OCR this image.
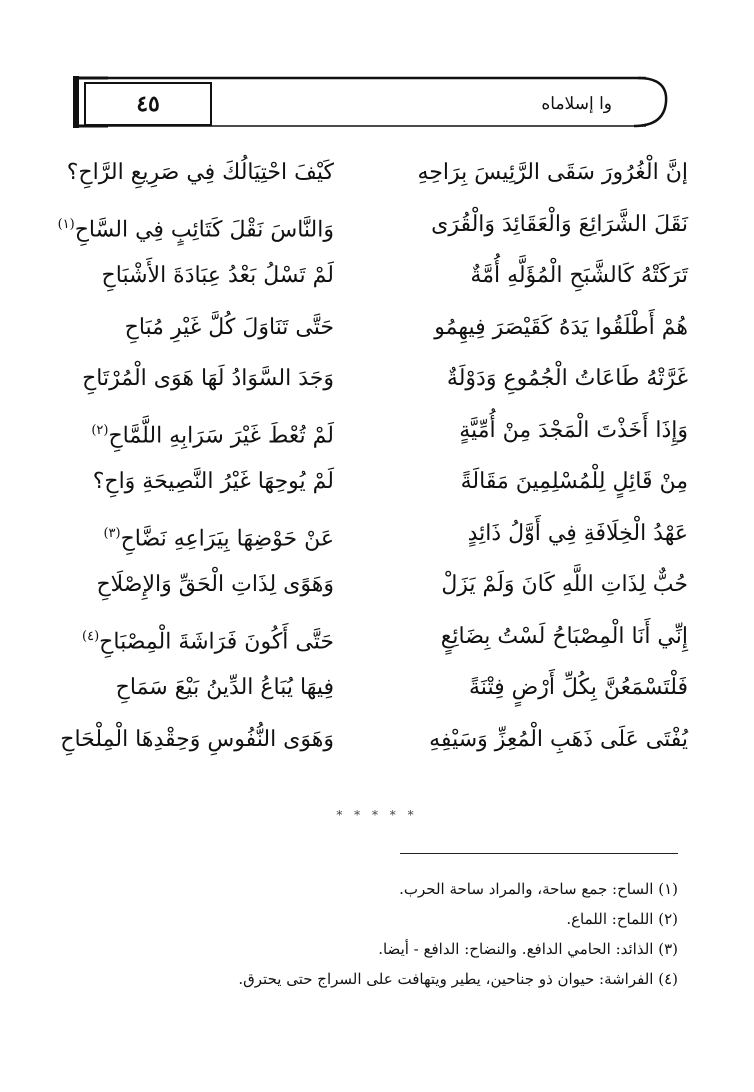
٤٥	وا إسلاماه
إنَّ الْغُرُورَ سَقَى الرَّئِيسَ بِرَاحِهِ
كَيْفَ احْتِيَالُكَ فِي صَرِيعِ الرَّاحِ؟
نَقَلَ الشَّرَائِعَ وَالْعَقَائِدَ وَالْقُرَى
وَالنَّاسَ نَقْلَ كَتَائِبٍ فِي السَّاحِ$^{(١)}$
تَرَكَتْهُ كَالشَّبَحِ الْمُؤَلَّهِ أُمَّةٌ
لَمْ تَسْلُ بَعْدُ عِبَادَةَ الأَشْبَاحِ
هُمْ أَطْلَقُوا يَدَهُ كَقَيْصَرَ فِيهِمُو
حَتَّى تَنَاوَلَ كُلَّ غَيْرِ مُبَاحِ
غَرَّتْهُ طَاعَاتُ الْجُمُوعِ وَدَوْلَةٌ
وَجَدَ السَّوَادُ لَهَا هَوَى الْمُرْتَاحِ
وَإِذَا أَخَذْتَ الْمَجْدَ مِنْ أُمِّيَّةٍ
لَمْ تُعْطَ غَيْرَ سَرَابِهِ اللَّمَّاحِ$^{(٢)}$
مِنْ قَائِلٍ لِلْمُسْلِمِينَ مَقَالَةً
لَمْ يُوحِهَا غَيْرُ النَّصِيحَةِ وَاحِ؟
عَهْدُ الْخِلَافَةِ فِي أَوَّلُ ذَائِدٍ
عَنْ حَوْضِهَا بِيَرَاعِهِ نَضَّاحِ$^{(٣)}$
حُبٌّ لِذَاتِ اللَّهِ كَانَ وَلَمْ يَزَلْ
وَهَوًى لِذَاتِ الْحَقِّ وَالإِصْلَاحِ
إِنِّي أَنَا الْمِصْبَاحُ لَسْتُ بِضَائِعٍ
حَتَّى أَكُونَ فَرَاشَةَ الْمِصْبَاحِ$^{(٤)}$
فَلْتَسْمَعُنَّ بِكُلِّ أَرْضٍ فِتْنَةً
فِيهَا يُبَاعُ الدِّينُ بَيْعَ سَمَاحِ
يُفْتَى عَلَى ذَهَبِ الْمُعِزِّ وَسَيْفِهِ
وَهَوَى النُّفُوسِ وَحِقْدِهَا الْمِلْحَاحِ
* * * * *
(١) الساح: جمع ساحة، والمراد ساحة الحرب.
(٢) اللماح: اللماع.
(٣) الذائد: الحامي الدافع. والنضاح: الدافع - أيضا.
(٤) الفراشة: حيوان ذو جناحين، يطير ويتهافت على السراج حتى يحترق.
